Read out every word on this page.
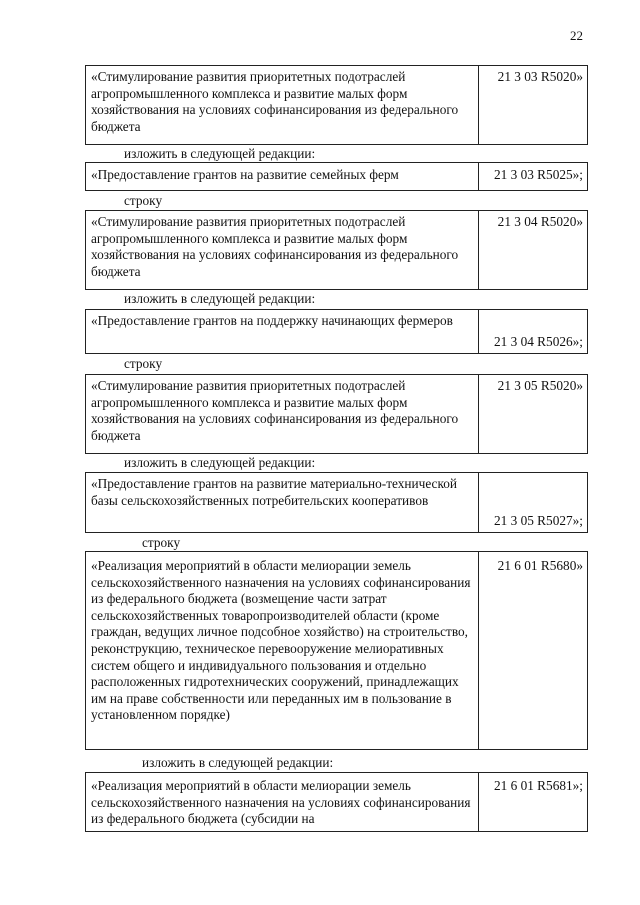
22
«Стимулирование развития приоритетных подотраслей агропромышленного комплекса и развитие малых форм хозяйствования на условиях софинансирования из федерального бюджета
21 3 03 R5020»
изложить в следующей редакции:
«Предоставление грантов на развитие семейных ферм	21 3 03 R5025»;
строку
«Стимулирование развития приоритетных подотраслей агропромышленного комплекса и развитие малых форм хозяйствования на условиях софинансирования из федерального бюджета
21 3 04 R5020»
изложить в следующей редакции:
«Предоставление грантов на поддержку начинающих фермеров
21 3 04 R5026»;
строку
«Стимулирование развития приоритетных подотраслей агропромышленного комплекса и развитие малых форм хозяйствования на условиях софинансирования из федерального бюджета
21 3 05 R5020»
изложить в следующей редакции:
«Предоставление грантов на развитие материально-технической базы сельскохозяйственных потребительских кооперативов
21 3 05 R5027»;
строку
«Реализация мероприятий в области мелиорации земель сельскохозяйственного назначения на условиях софинансирования из федерального бюджета (возмещение части затрат сельскохозяйственных товаропроизводителей области (кроме граждан, ведущих личное подсобное хозяйство) на строительство, реконструкцию, техническое перевооружение мелиоративных систем общего и индивидуального пользования и отдельно расположенных гидротехнических сооружений, принадлежащих им на праве собственности или переданных им в пользование в установленном порядке)
21 6 01 R5680»
изложить в следующей редакции:
«Реализация мероприятий в области мелиорации земель сельскохозяйственного назначения на условиях софинансирования из федерального бюджета (субсидии на
21 6 01 R5681»;
